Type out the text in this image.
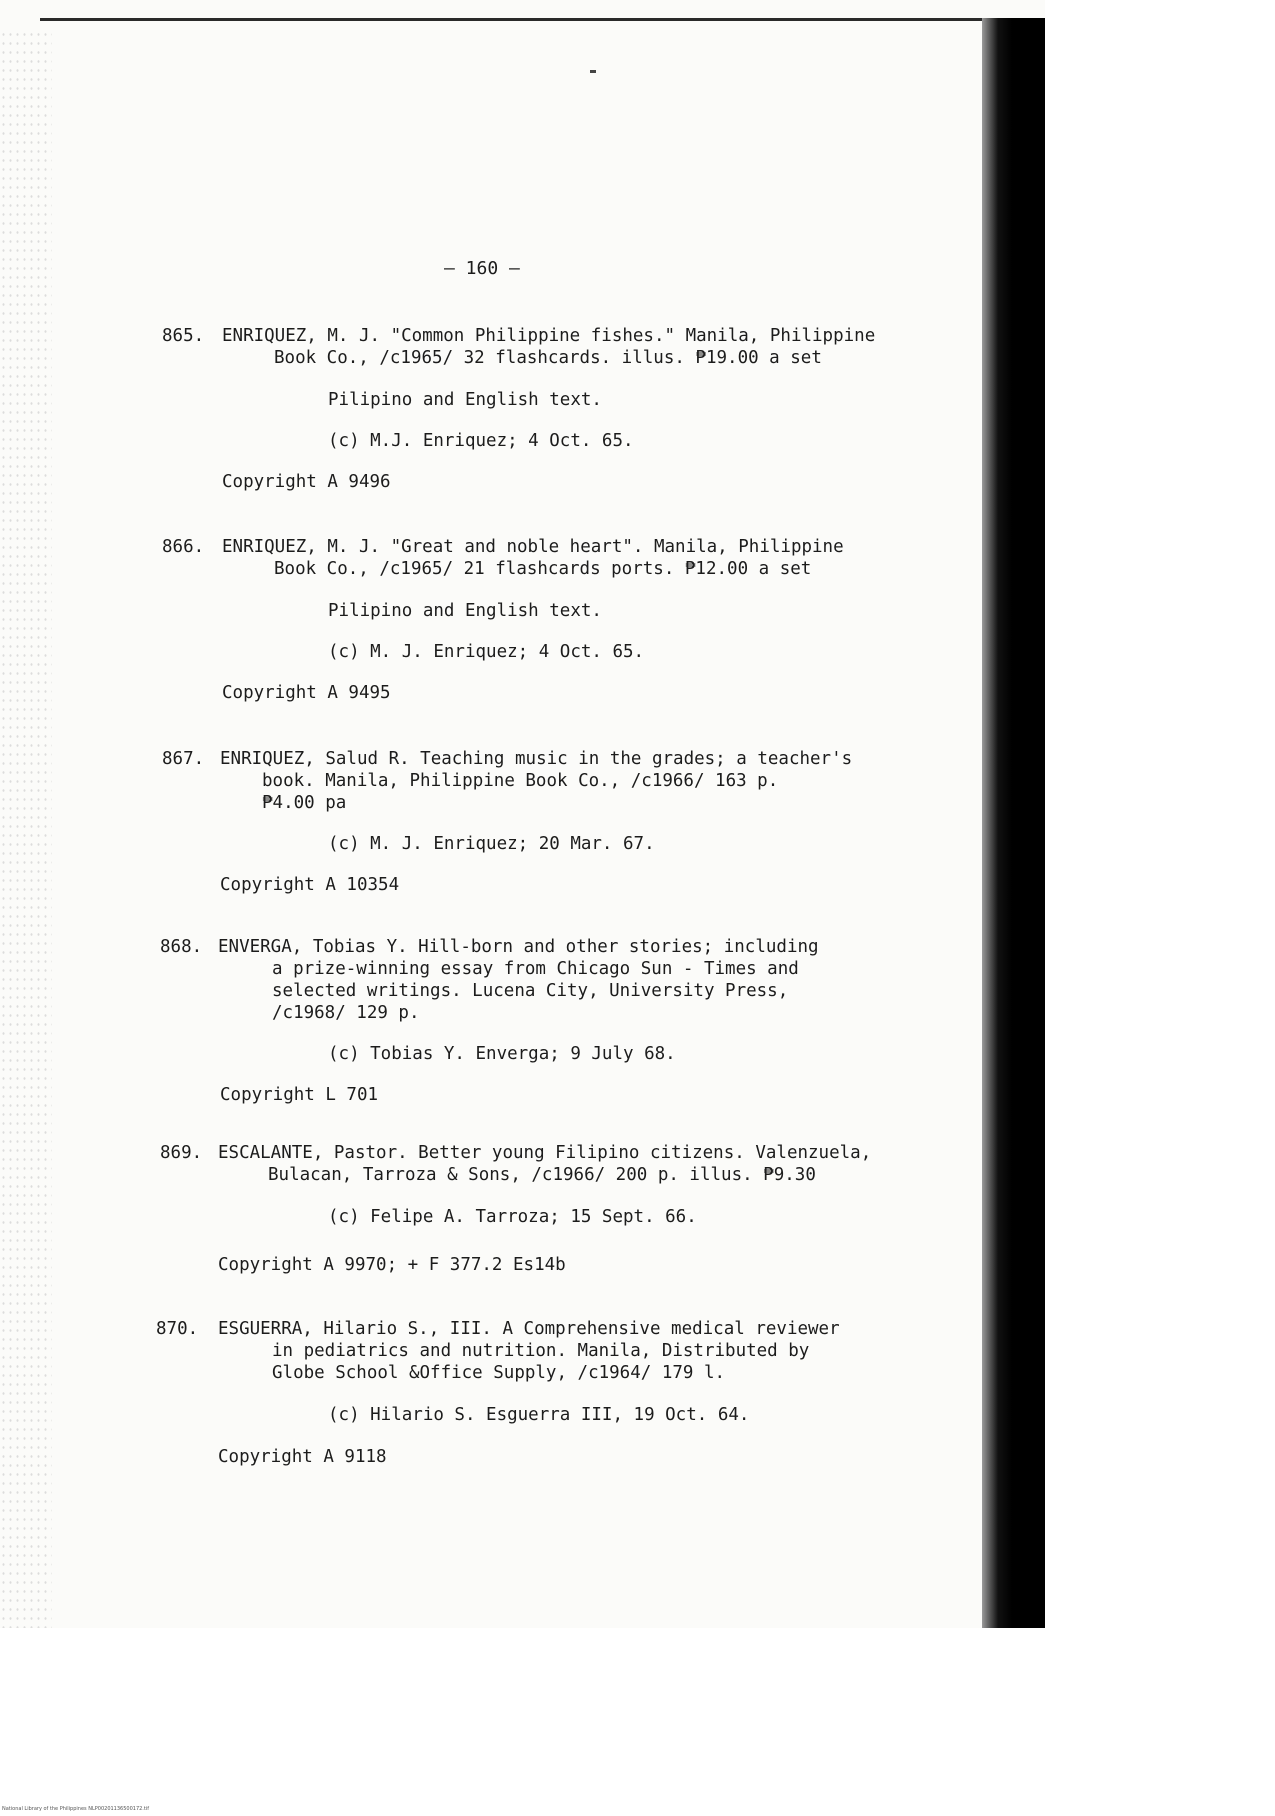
– 160 –
865. ENRIQUEZ, M. J. "Common Philippine fishes." Manila, Philippine
Book Co., /c1965/ 32 flashcards. illus. ₱19.00 a set
Pilipino and English text.
(c) M.J. Enriquez; 4 Oct. 65.
Copyright A 9496
866. ENRIQUEZ, M. J. "Great and noble heart". Manila, Philippine
Book Co., /c1965/ 21 flashcards ports. ₱12.00 a set
Pilipino and English text.
(c) M. J. Enriquez; 4 Oct. 65.
Copyright A 9495
867. ENRIQUEZ, Salud R. Teaching music in the grades; a teacher's
book. Manila, Philippine Book Co., /c1966/ 163 p.
₱4.00 pa
(c) M. J. Enriquez; 20 Mar. 67.
Copyright A 10354
868. ENVERGA, Tobias Y. Hill-born and other stories; including
a prize-winning essay from Chicago Sun - Times and
selected writings. Lucena City, University Press,
/c1968/ 129 p.
(c) Tobias Y. Enverga; 9 July 68.
Copyright L 701
869. ESCALANTE, Pastor. Better young Filipino citizens. Valenzuela,
Bulacan, Tarroza & Sons, /c1966/ 200 p. illus. ₱9.30
(c) Felipe A. Tarroza; 15 Sept. 66.
Copyright A 9970; + F 377.2 Es14b
870. ESGUERRA, Hilario S., III. A Comprehensive medical reviewer
in pediatrics and nutrition. Manila, Distributed by
Globe School &Office Supply, /c1964/ 179 l.
(c) Hilario S. Esguerra III, 19 Oct. 64.
Copyright A 9118
National Library of the Philippines NLP00201136500172.tif
